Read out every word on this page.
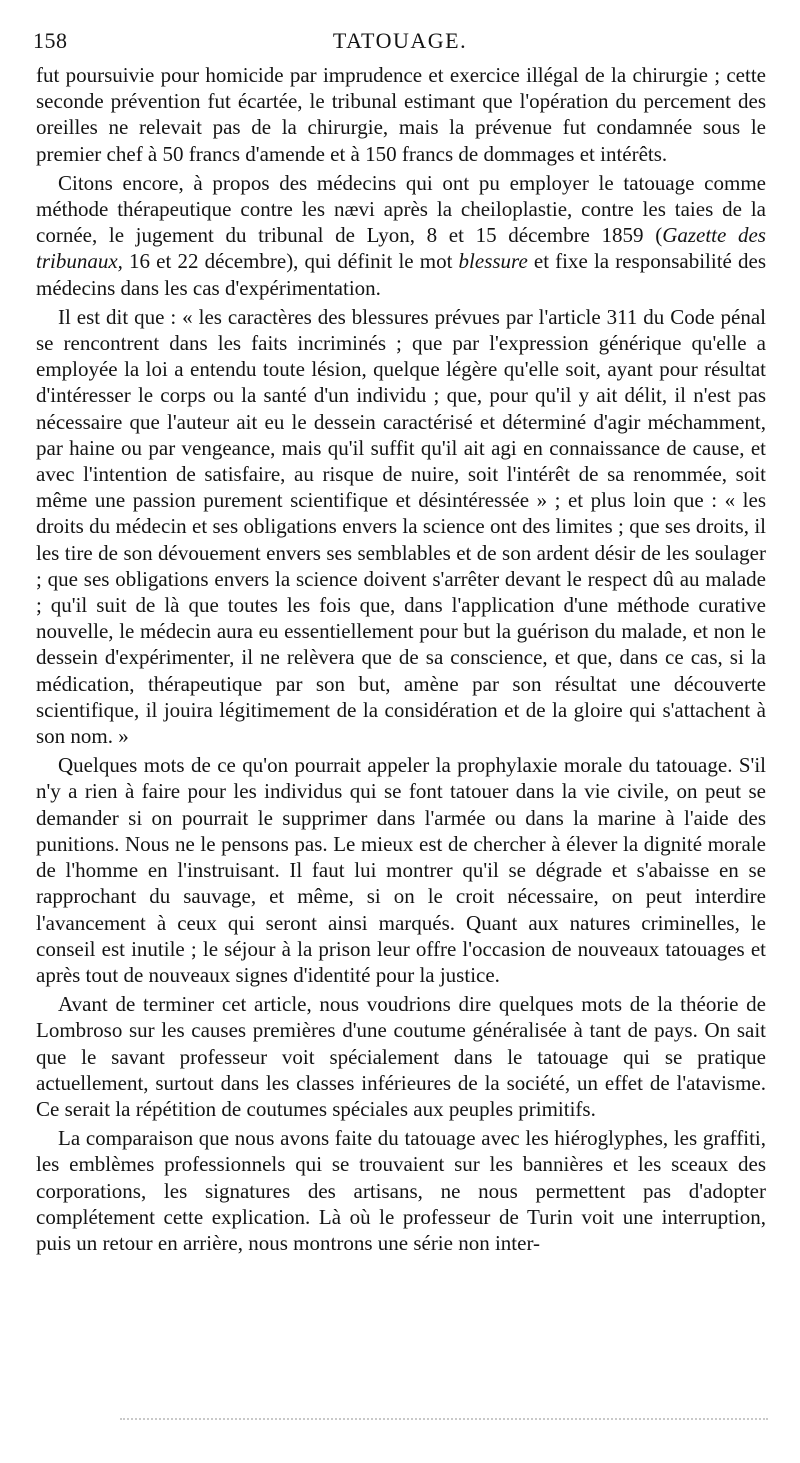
158	TATOUAGE.

fut poursuivie pour homicide par imprudence et exercice illégal de la chirurgie ; cette seconde prévention fut écartée, le tribunal estimant que l'opération du percement des oreilles ne relevait pas de la chirurgie, mais la prévenue fut condamnée sous le premier chef à 50 francs d'amende et à 150 francs de dommages et intérêts.

Citons encore, à propos des médecins qui ont pu employer le tatouage comme méthode thérapeutique contre les nævi après la cheiloplastie, contre les taies de la cornée, le jugement du tribunal de Lyon, 8 et 15 décembre 1859 (Gazette des tribunaux, 16 et 22 décembre), qui définit le mot blessure et fixe la responsabilité des médecins dans les cas d'expérimentation.

Il est dit que : « les caractères des blessures prévues par l'article 311 du Code pénal se rencontrent dans les faits incriminés ; que par l'expression générique qu'elle a employée la loi a entendu toute lésion, quelque légère qu'elle soit, ayant pour résultat d'intéresser le corps ou la santé d'un individu ; que, pour qu'il y ait délit, il n'est pas nécessaire que l'auteur ait eu le dessein caractérisé et déterminé d'agir méchamment, par haine ou par vengeance, mais qu'il suffit qu'il ait agi en connaissance de cause, et avec l'intention de satisfaire, au risque de nuire, soit l'intérêt de sa renommée, soit même une passion purement scientifique et désintéressée » ; et plus loin que : « les droits du médecin et ses obligations envers la science ont des limites ; que ses droits, il les tire de son dévouement envers ses semblables et de son ardent désir de les soulager ; que ses obligations envers la science doivent s'arrêter devant le respect dû au malade ; qu'il suit de là que toutes les fois que, dans l'application d'une méthode curative nouvelle, le médecin aura eu essentiellement pour but la guérison du malade, et non le dessein d'expérimenter, il ne relèvera que de sa conscience, et que, dans ce cas, si la médication, thérapeutique par son but, amène par son résultat une découverte scientifique, il jouira légitimement de la considération et de la gloire qui s'attachent à son nom. »

Quelques mots de ce qu'on pourrait appeler la prophylaxie morale du tatouage. S'il n'y a rien à faire pour les individus qui se font tatouer dans la vie civile, on peut se demander si on pourrait le supprimer dans l'armée ou dans la marine à l'aide des punitions. Nous ne le pensons pas. Le mieux est de chercher à élever la dignité morale de l'homme en l'instruisant. Il faut lui montrer qu'il se dégrade et s'abaisse en se rapprochant du sauvage, et même, si on le croit nécessaire, on peut interdire l'avancement à ceux qui seront ainsi marqués. Quant aux natures criminelles, le conseil est inutile ; le séjour à la prison leur offre l'occasion de nouveaux tatouages et après tout de nouveaux signes d'identité pour la justice.

Avant de terminer cet article, nous voudrions dire quelques mots de la théorie de Lombroso sur les causes premières d'une coutume généralisée à tant de pays. On sait que le savant professeur voit spécialement dans le tatouage qui se pratique actuellement, surtout dans les classes inférieures de la société, un effet de l'atavisme. Ce serait la répétition de coutumes spéciales aux peuples primitifs.

La comparaison que nous avons faite du tatouage avec les hiéroglyphes, les graffiti, les emblèmes professionnels qui se trouvaient sur les bannières et les sceaux des corporations, les signatures des artisans, ne nous permettent pas d'adopter complétement cette explication. Là où le professeur de Turin voit une interruption, puis un retour en arrière, nous montrons une série non inter-
